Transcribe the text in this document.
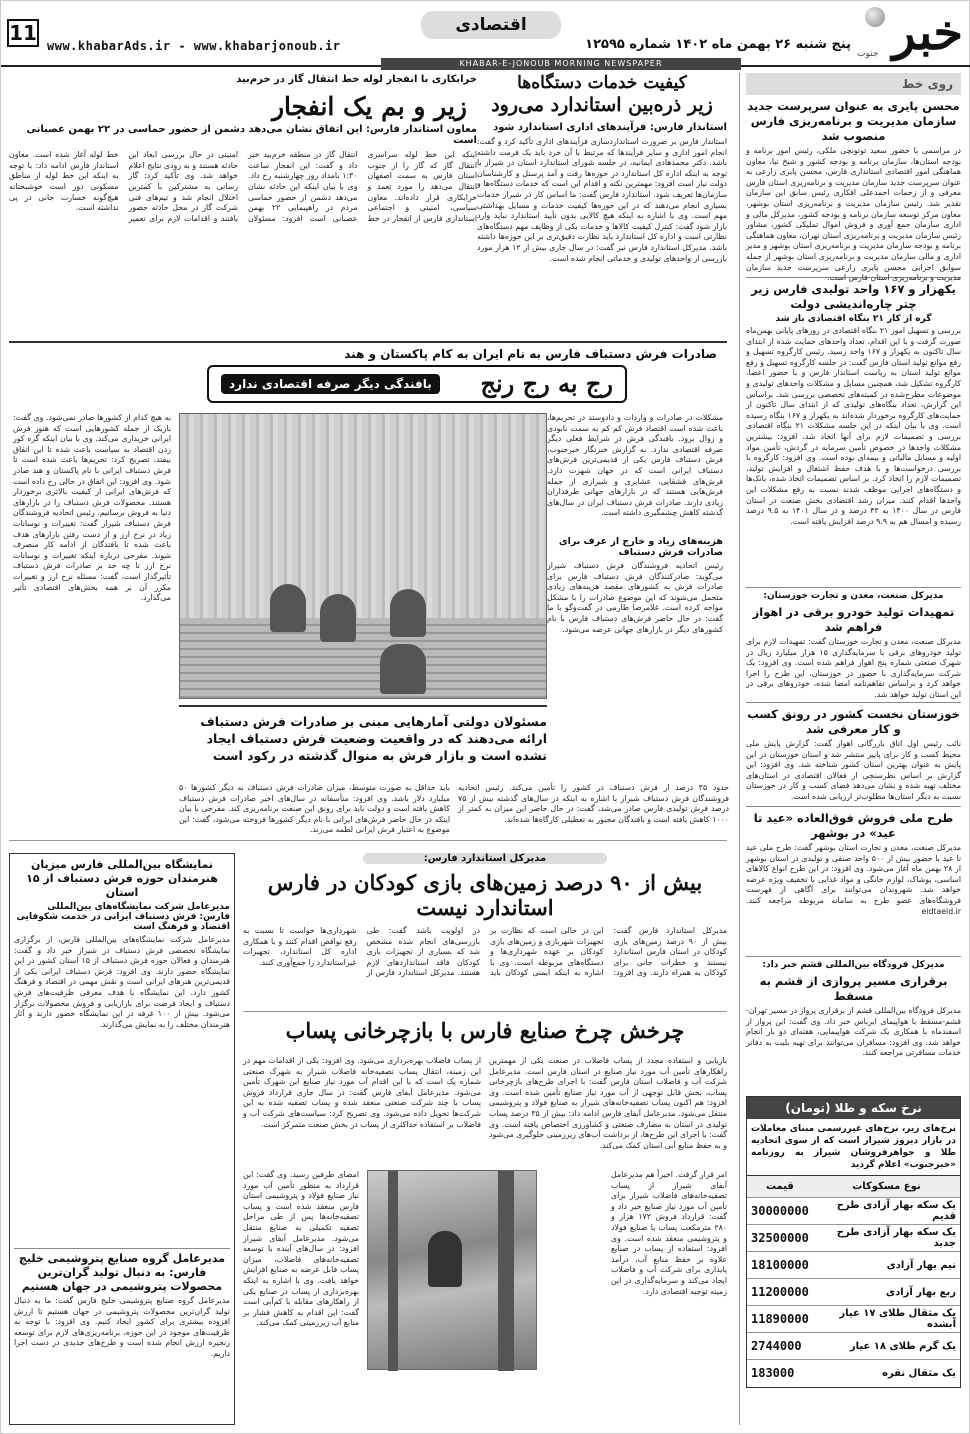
خبر
جنوب
پنج شنبه ۲۶ بهمن ماه ۱۴۰۲ شماره ۱۲۵۹۵
اقتصادی
www.khabarAds.ir - www.khabarjonoub.ir
11
KHABAR-E-JONOUB MORNING NEWSPAPER
روی خط
محسن پایری به عنوان سرپرست جدید سازمان مدیریت و برنامه‌ریزی فارس منصوب شد
در مراسمی با حضور سعید توتونچی ملکی، رئیس امور برنامه و بودجه استان‌ها، سازمان برنامه و بودجه کشور و شیخ نیا، معاون هماهنگی امور اقتصادی استانداری فارس، محسن پایری زارعی به عنوان سرپرست جدید سازمان مدیریت و برنامه‌ریزی استان فارس معرفی و از زحمات احمدعلی افکاری رئیس سابق این سازمان تقدیر شد. رئیس سازمان مدیریت و برنامه‌ریزی استان بوشهر، معاون مرکز توسعه سازمان برنامه و بودجه کشور، مدیرکل مالی و اداری سازمان جمع آوری و فروش اموال تملیکی کشور، مشاور رئیس سازمان مدیریت و برنامه‌ریزی استان تهران، معاون هماهنگی برنامه و بودجه سازمان مدیریت و برنامه‌ریزی استان بوشهر و مدیر اداری و مالی سازمان مدیریت و برنامه‌ریزی استان بوشهر از جمله سوابق اجرایی محسن پایری زارعی سرپرست جدید سازمان مدیریت و برنامه‌ریزی استان فارس است.
یکهزار و ۱۶۷ واحد تولیدی فارس زیر چتر چاره‌اندیشی دولت
گره از کار ۲۱ بنگاه اقتصادی باز شد
بررسی و تسهیل امور ۲۱ بنگاه اقتصادی در روزهای پایانی بهمن‌ماه صورت گرفت و با این اقدام، تعداد واحدهای حمایت شده از ابتدای سال تاکنون به یکهزار و ۱۶۷ واحد رسید. رئیس کارگروه تسهیل و رفع موانع تولید استان فارس گفت: در جلسه کارگروه تسهیل و رفع موانع تولید استان به ریاست استاندار فارس و با حضور اعضا، کارگروه تشکیل شد، همچنین مسایل و مشکلات واحدهای تولیدی و موضوعات مطرح‌شده در کمیته‌های تخصصی بررسی شد. براساس این گزارش، تعداد بنگاه‌های تولیدی که از ابتدای سال تاکنون از حمایت‌های کارگروه برخوردار شده‌اند به یکهزار و ۱۶۷ بنگاه رسیده است. وی با بیان اینکه در این جلسه مشکلات ۲۱ بنگاه اقتصادی بررسی و تصمیمات لازم برای آنها اتخاذ شد، افزود: بیشترین مشکلات واحدها در خصوص تأمین سرمایه در گردش، تأمین مواد اولیه و مسایل مالیاتی و بیمه‌ای بوده است. وی افزود: کارگروه با بررسی درخواست‌ها و با هدف حفظ اشتغال و افزایش تولید، تصمیمات لازم را اتخاذ کرد. بر اساس تصمیمات اتخاذ شده، بانک‌ها و دستگاه‌های اجرایی موظف شدند نسبت به رفع مشکلات این واحدها اقدام کنند. میزان رشد اقتصادی بخش صنعت در استان فارس در سال ۱۴۰۰ به ۴۳ درصد و در سال ۱۴۰۱ به ۹.۵ درصد رسیده و امسال هم به ۹.۹ درصد افزایش یافته است.
مدیرکل صنعت، معدن و تجارت خوزستان:
تمهیدات تولید خودرو برقی در اهواز فراهم شد
مدیرکل صنعت، معدن و تجارت خوزستان گفت: تمهیدات لازم برای تولید خودروهای برقی با سرمایه‌گذاری ۱۵ هزار میلیارد ریال در شهرک صنعتی شماره پنج اهواز فراهم شده است. وی افزود: یک شرکت سرمایه‌گذاری با حضور در خوزستان، این طرح را اجرا خواهد کرد و براساس تفاهم‌نامه امضا شده، خودروهای برقی در این استان تولید خواهد شد.
خوزستان نخست کشور در رونق کسب و کار معرفی شد
نائب رئیس اول اتاق بازرگانی اهواز گفت: گزارش پایش ملی محیط کسب و کار برای پاییز منتشر شد و استان خوزستان در این پایش به عنوان بهترین استان کشور شناخته شد. وی افزود: این گزارش بر اساس نظرسنجی از فعالان اقتصادی در استان‌های مختلف تهیه شده و نشان می‌دهد فضای کسب و کار در خوزستان نسبت به دیگر استان‌ها مطلوب‌تر ارزیابی شده است.
طرح ملی فروش فوق‌العاده «عید تا عید» در بوشهر
مدیرکل صنعت، معدن و تجارت استان بوشهر گفت: طرح ملی عید تا عید با حضور بیش از ۵۰۰ واحد صنفی و تولیدی در استان بوشهر از ۲۸ بهمن ماه آغاز می‌شود. وی افزود: در این طرح انواع کالاهای اساسی، پوشاک، لوازم خانگی و مواد غذایی با تخفیف ویژه عرضه خواهد شد. شهروندان می‌توانند برای آگاهی از فهرست فروشگاه‌های عضو طرح به سامانه مربوطه مراجعه کنند. eidtaeid.ir
مدیرکل فرودگاه بین‌المللی قشم خبر داد:
برقراری مسیر پروازی از قشم به مسقط
مدیرکل فرودگاه بین‌المللی قشم از برقراری پرواز در مسیر تهران-قشم-مسقط با هواپیمای ایرباس خبر داد. وی گفت: این پرواز از اسفندماه با همکاری یک شرکت هواپیمایی، هفته‌ای دو بار انجام خواهد شد. وی افزود: مسافران می‌توانند برای تهیه بلیت به دفاتر خدمات مسافرتی مراجعه کنند.
نرخ سکه و طلا (تومان)
نرخ‌های زیر، نرخ‌های غیررسمی مبنای معاملات در بازار دیروز شیراز است که از سوی اتحادیه طلا و جواهرفروشان شیراز به روزنامه «خبرجنوب» اعلام گردید
نوع مسکوکات	قیمت
یک سکه بهار آزادی طرح قدیم	30000000
یک سکه بهار آزادی طرح جدید	32500000
نیم بهار آزادی	18100000
ربع بهار آزادی	11200000
یک مثقال طلای ۱۷ عیار آبشده	11890000
یک گرم طلای ۱۸ عیار	2744000
یک مثقال نقره	183000
کیفیت خدمات دستگاه‌ها
زیر ذره‌بین استاندارد می‌رود
استاندار فارس: فرآیندهای اداری استاندارد شود
استاندار فارس بر ضرورت استانداردسازی فرآیندهای اداری تأکید کرد و گفت: انجام امور اداری و سایر فرآیندها که مرتبط با آن خرد باید یک فرمت داشته باشد. دکتر محمدهادی ایمانیه، در جلسه شورای استاندارد استان در شیراز با توجه به اینکه اداره کل استاندارد در حوزه‌ها رفت و آمد پرسنل و کارشناسان دولت نیاز است افزود: مهمترین نکته و اقدام این است که خدمات دستگاه‌ها و سازمان‌ها تعریف شود. استاندارد فارس گفت: ما اساس کار در شیراز خدمات بسیاری انجام می‌دهند که در این حوزه‌ها کیفیت خدمات و مسایل بهداشتی مهم است. وی با اشاره به اینکه هیچ کالایی بدون تأیید استاندارد نباید وارد بازار شود گفت: کنترل کیفیت کالاها و خدمات یکی از وظایف مهم دستگاه‌های نظارتی است و اداره کل استاندارد باید نظارت دقیق‌تری بر این حوزه‌ها داشته باشد. مدیرکل استاندارد فارس نیز گفت: در سال جاری بیش از ۱۲ هزار مورد بازرسی از واحدهای تولیدی و خدماتی انجام شده است.
خرابکاری با انفجار لوله خط انتقال گاز در خرم‌بید
زیر و بم یک انفجار
معاون استاندار فارس: این اتفاق نشان می‌دهد دشمن از حضور حماسی در ۲۲ بهمن عصبانی است
اینکه این خط لوله سراسری انتقال گاز که گاز را از جنوب استان فارس به سمت اصفهان انتقال می‌دهد را مورد تعمد و خرابکاری قرار داده‌اند. معاون سیاسی، امنیتی و اجتماعی استانداری فارس از انفجار در خط انتقال گاز در منطقه خرم‌بید خبر داد و گفت: این انفجار ساعت ۱:۳۰ بامداد روز چهارشنبه رخ داد. وی با بیان اینکه این حادثه نشان می‌دهد دشمن از حضور حماسی مردم در راهپیمایی ۲۲ بهمن عصبانی است افزود: مسئولان امنیتی در حال بررسی ابعاد این حادثه هستند و به زودی نتایج اعلام خواهد شد. وی تأکید کرد: گاز رسانی به مشترکین با کمترین اختلال انجام شد و تیم‌های فنی شرکت گاز در محل حادثه حضور یافتند و اقدامات لازم برای تعمیر خط لوله آغاز شده است. معاون استاندار فارس ادامه داد: با توجه به اینکه این خط لوله از مناطق مسکونی دور است خوشبختانه هیچ‌گونه خسارت جانی در پی نداشته است.
صادرات فرش دستباف فارس به نام ایران به کام پاکستان و هند
رج به رج رنج
بافندگی دیگر صرفه اقتصادی ندارد
مشکلات در صادرات و واردات و دادوستد در تحریم‌ها، باعث شده است اقتصاد فرش کم کم به سمت نابودی و زوال برود. بافندگی فرش در شرایط فعلی دیگر صرفه اقتصادی ندارد. به گزارش خبرنگار خبرجنوب، فرش دستباف فارس یکی از قدیمی‌ترین فرش‌های دستباف ایرانی است که در جهان شهرت دارد. فرش‌های قشقایی، عشایری و شیرازی از جمله فرش‌هایی هستند که در بازارهای جهانی طرفداران زیادی دارند. صادرات فرش دستباف ایران در سال‌های گذشته کاهش چشمگیری داشته است.
هزینه‌های زیاد و خارج از عرف برای صادرات فرش دستباف
رئیس اتحادیه فروشندگان فرش دستباف شیراز می‌گوید: صادرکنندگان فرش دستباف فارس برای صادرات فرش به کشورهای مقصد هزینه‌های زیادی متحمل می‌شوند که این موضوع صادرات را با مشکل مواجه کرده است. غلامرضا طارمی در گفت‌وگو با ما گفت: در حال حاضر فرش‌های دستباف فارس با نام کشورهای دیگر در بازارهای جهانی عرضه می‌شود.
مسئولان دولتی آمارهایی مبنی بر صادرات فرش دستباف ارائه می‌دهند که در واقعیت وضعیت فرش دستباف ایجاد نشده است و بازار فرش به منوال گذشته در رکود است
به هیچ کدام از کشورها صادر نمی‌شود. وی گفت: بازیک از جمله کشورهایی است که هنوز فرش ایرانی خریداری می‌کند. وی با بیان اینکه گره کور زدن اقتصاد به سیاست باعث شده تا این اتفاق بیفتد، تصریح کرد: تحریم‌ها باعث شده است تا فرش دستباف ایرانی با نام پاکستان و هند صادر شود. وی افزود: این اتفاق در حالی رخ داده است که فرش‌های ایرانی از کیفیت بالاتری برخوردار هستند. محصولات فرش دستباف را در بازارهای دنیا به فروش برسانیم. رئیس اتحادیه فروشندگان فرش دستباف شیراز گفت: تغییرات و نوسانات زیاد در نرخ ارز و از دست رفتن بازارهای هدف باعث شده تا بافندگان از ادامه کار منصرف شوند. مفرحی درباره اینکه تغییرات و نوسانات نرخ ارز تا چه حد بر صادرات فرش دستباف تأثیرگذار است، گفت: مسئله نرخ ارز و تغییرات مکرر آن بر همه بخش‌های اقتصادی تأثیر می‌گذارد.
حدود ۳۵ درصد از فرش دستباف در کشور را تأمین می‌کند. رئیس اتحادیه فروشندگان فرش دستباف شیراز با اشاره به اینکه در سال‌های گذشته بیش از ۷۵ درصد فرش تولیدی فارس صادر می‌شد، گفت: در حال حاضر این میزان به کمتر از ۱۰۰۰ کاهش یافته است و بافندگان مجبور به تعطیلی کارگاه‌ها شده‌اند.
باید حداقل به صورت متوسط، میزان صادرات فرش دستباف به دیگر کشورها ۵۰ میلیارد دلار باشد. وی افزود: متأسفانه در سال‌های اخیر صادرات فرش دستباف کاهش یافته است و دولت باید برای رونق این صنعت برنامه‌ریزی کند. مفرحی با بیان اینکه در حال حاضر فرش‌های ایرانی با نام دیگر کشورها فروخته می‌شود، گفت: این موضوع به اعتبار فرش ایرانی لطمه می‌زند.
نمایشگاه بین‌المللی فارس میزبان هنرمندان حوزه فرش دستباف از ۱۵ استان
مدیرعامل شرکت نمایشگاه‌های بین‌المللی فارس: فرش دستباف ایرانی در خدمت شکوفایی اقتصاد و فرهنگ است
مدیرعامل شرکت نمایشگاه‌های بین‌المللی فارس، از برگزاری نمایشگاه تخصصی فرش دستباف در شیراز خبر داد و گفت: هنرمندان و فعالان حوزه فرش دستباف از ۱۵ استان کشور در این نمایشگاه حضور دارند. وی افزود: فرش دستباف ایرانی یکی از قدیمی‌ترین هنرهای ایرانی است و نقش مهمی در اقتصاد و فرهنگ کشور دارد. این نمایشگاه با هدف معرفی ظرفیت‌های فرش دستباف و ایجاد فرصت برای بازاریابی و فروش محصولات برگزار می‌شود. بیش از ۱۰۰ غرفه در این نمایشگاه حضور دارند و آثار هنرمندان مختلف را به نمایش می‌گذارند.
مدیرعامل گروه صنایع پتروشیمی خلیج فارس: به دنبال تولید گران‌ترین محصولات پتروشیمی در جهان هستیم
مدیرعامل گروه صنایع پتروشیمی خلیج فارس گفت: ما به دنبال تولید گران‌ترین محصولات پتروشیمی در جهان هستیم تا ارزش افزوده بیشتری برای کشور ایجاد کنیم. وی افزود: با توجه به ظرفیت‌های موجود در این حوزه، برنامه‌ریزی‌های لازم برای توسعه زنجیره ارزش انجام شده است و طرح‌های جدیدی در دست اجرا داریم.
مدیرکل استاندارد فارس:
بیش از ۹۰ درصد زمین‌های بازی کودکان در فارس استاندارد نیست
مدیرکل استاندارد فارس گفت: بیش از ۹۰ درصد زمین‌های بازی کودکان در استان فارس استاندارد نیستند و خطرات جانی برای کودکان به همراه دارند. وی افزود: این در حالی است که نظارت بر تجهیزات شهربازی و زمین‌های بازی کودکان بر عهده شهرداری‌ها و دستگاه‌های مربوطه است. وی با اشاره به اینکه ایمنی کودکان باید در اولویت باشد گفت: طی بازرسی‌های انجام شده مشخص شد که بسیاری از تجهیزات بازی کودکان فاقد استانداردهای لازم هستند. مدیرکل استاندارد فارس از شهرداری‌ها خواست تا نسبت به رفع نواقص اقدام کنند و با همکاری اداره کل استاندارد، تجهیزات غیراستاندارد را جمع‌آوری کنند.
چرخش چرخ صنایع فارس با بازچرخانی پساب
بازیابی و استفاده مجدد از پساب فاضلاب در صنعت یکی از مهمترین راهکارهای تأمین آب مورد نیاز صنایع در استان فارس است. مدیرعامل شرکت آب و فاضلاب استان فارس گفت: با اجرای طرح‌های بازچرخانی پساب، بخش قابل توجهی از آب مورد نیاز صنایع تأمین شده است. وی افزود: هم اکنون پساب تصفیه‌خانه‌های شیراز به صنایع فولاد و پتروشیمی منتقل می‌شود. مدیرعامل آبفای فارس ادامه داد: بیش از ۳۵ درصد پساب تولیدی در استان به مصارف صنعتی و کشاورزی اختصاص یافته است. وی گفت: با اجرای این طرح‌ها، از برداشت آب‌های زیرزمینی جلوگیری می‌شود و به حفظ منابع آبی استان کمک می‌کند.
از پساب فاضلاب بهره‌برداری می‌شود. وی افزود: یکی از اقدامات مهم در این زمینه، انتقال پساب تصفیه‌خانه فاضلاب شیراز به شهرک صنعتی شماره یک است که با این اقدام آب مورد نیاز صنایع این شهرک تأمین می‌شود. مدیرعامل آبفای فارس گفت: در سال جاری قرارداد فروش پساب با چند شرکت صنعتی منعقد شده و پساب تصفیه شده به این شرکت‌ها تحویل داده می‌شود. وی تصریح کرد: سیاست‌های شرکت آب و فاضلاب بر استفاده حداکثری از پساب در بخش صنعت متمرکز است.
امر قرار گرفت. اخیراً هم مدیرعامل آبفای شیراز از پساب تصفیه‌خانه‌های فاضلاب شیراز برای تأمین آب مورد نیاز صنایع خبر داد و گفت: قرارداد فروش ۱۷۲ هزار و ۲۸۰ مترمکعب پساب با صنایع فولاد و پتروشیمی منعقد شده است. وی افزود: استفاده از پساب در صنایع علاوه بر حفظ منابع آب، درآمد پایداری برای شرکت آب و فاضلاب ایجاد می‌کند و سرمایه‌گذاری در این زمینه توجیه اقتصادی دارد.
امضای طرفین رسید. وی گفت: این قرارداد به منظور تأمین آب مورد نیاز صنایع فولاد و پتروشیمی استان فارس منعقد شده است و پساب تصفیه‌خانه‌ها پس از طی مراحل تصفیه تکمیلی به صنایع منتقل می‌شود. مدیرعامل آبفای شیراز افزود: در سال‌های آینده با توسعه تصفیه‌خانه‌های فاضلاب، میزان پساب قابل عرضه به صنایع افزایش خواهد یافت. وی با اشاره به اینکه بهره‌برداری از پساب در صنایع یکی از راهکارهای مقابله با کم‌آبی است گفت: این اقدام به کاهش فشار بر منابع آب زیرزمینی کمک می‌کند.
